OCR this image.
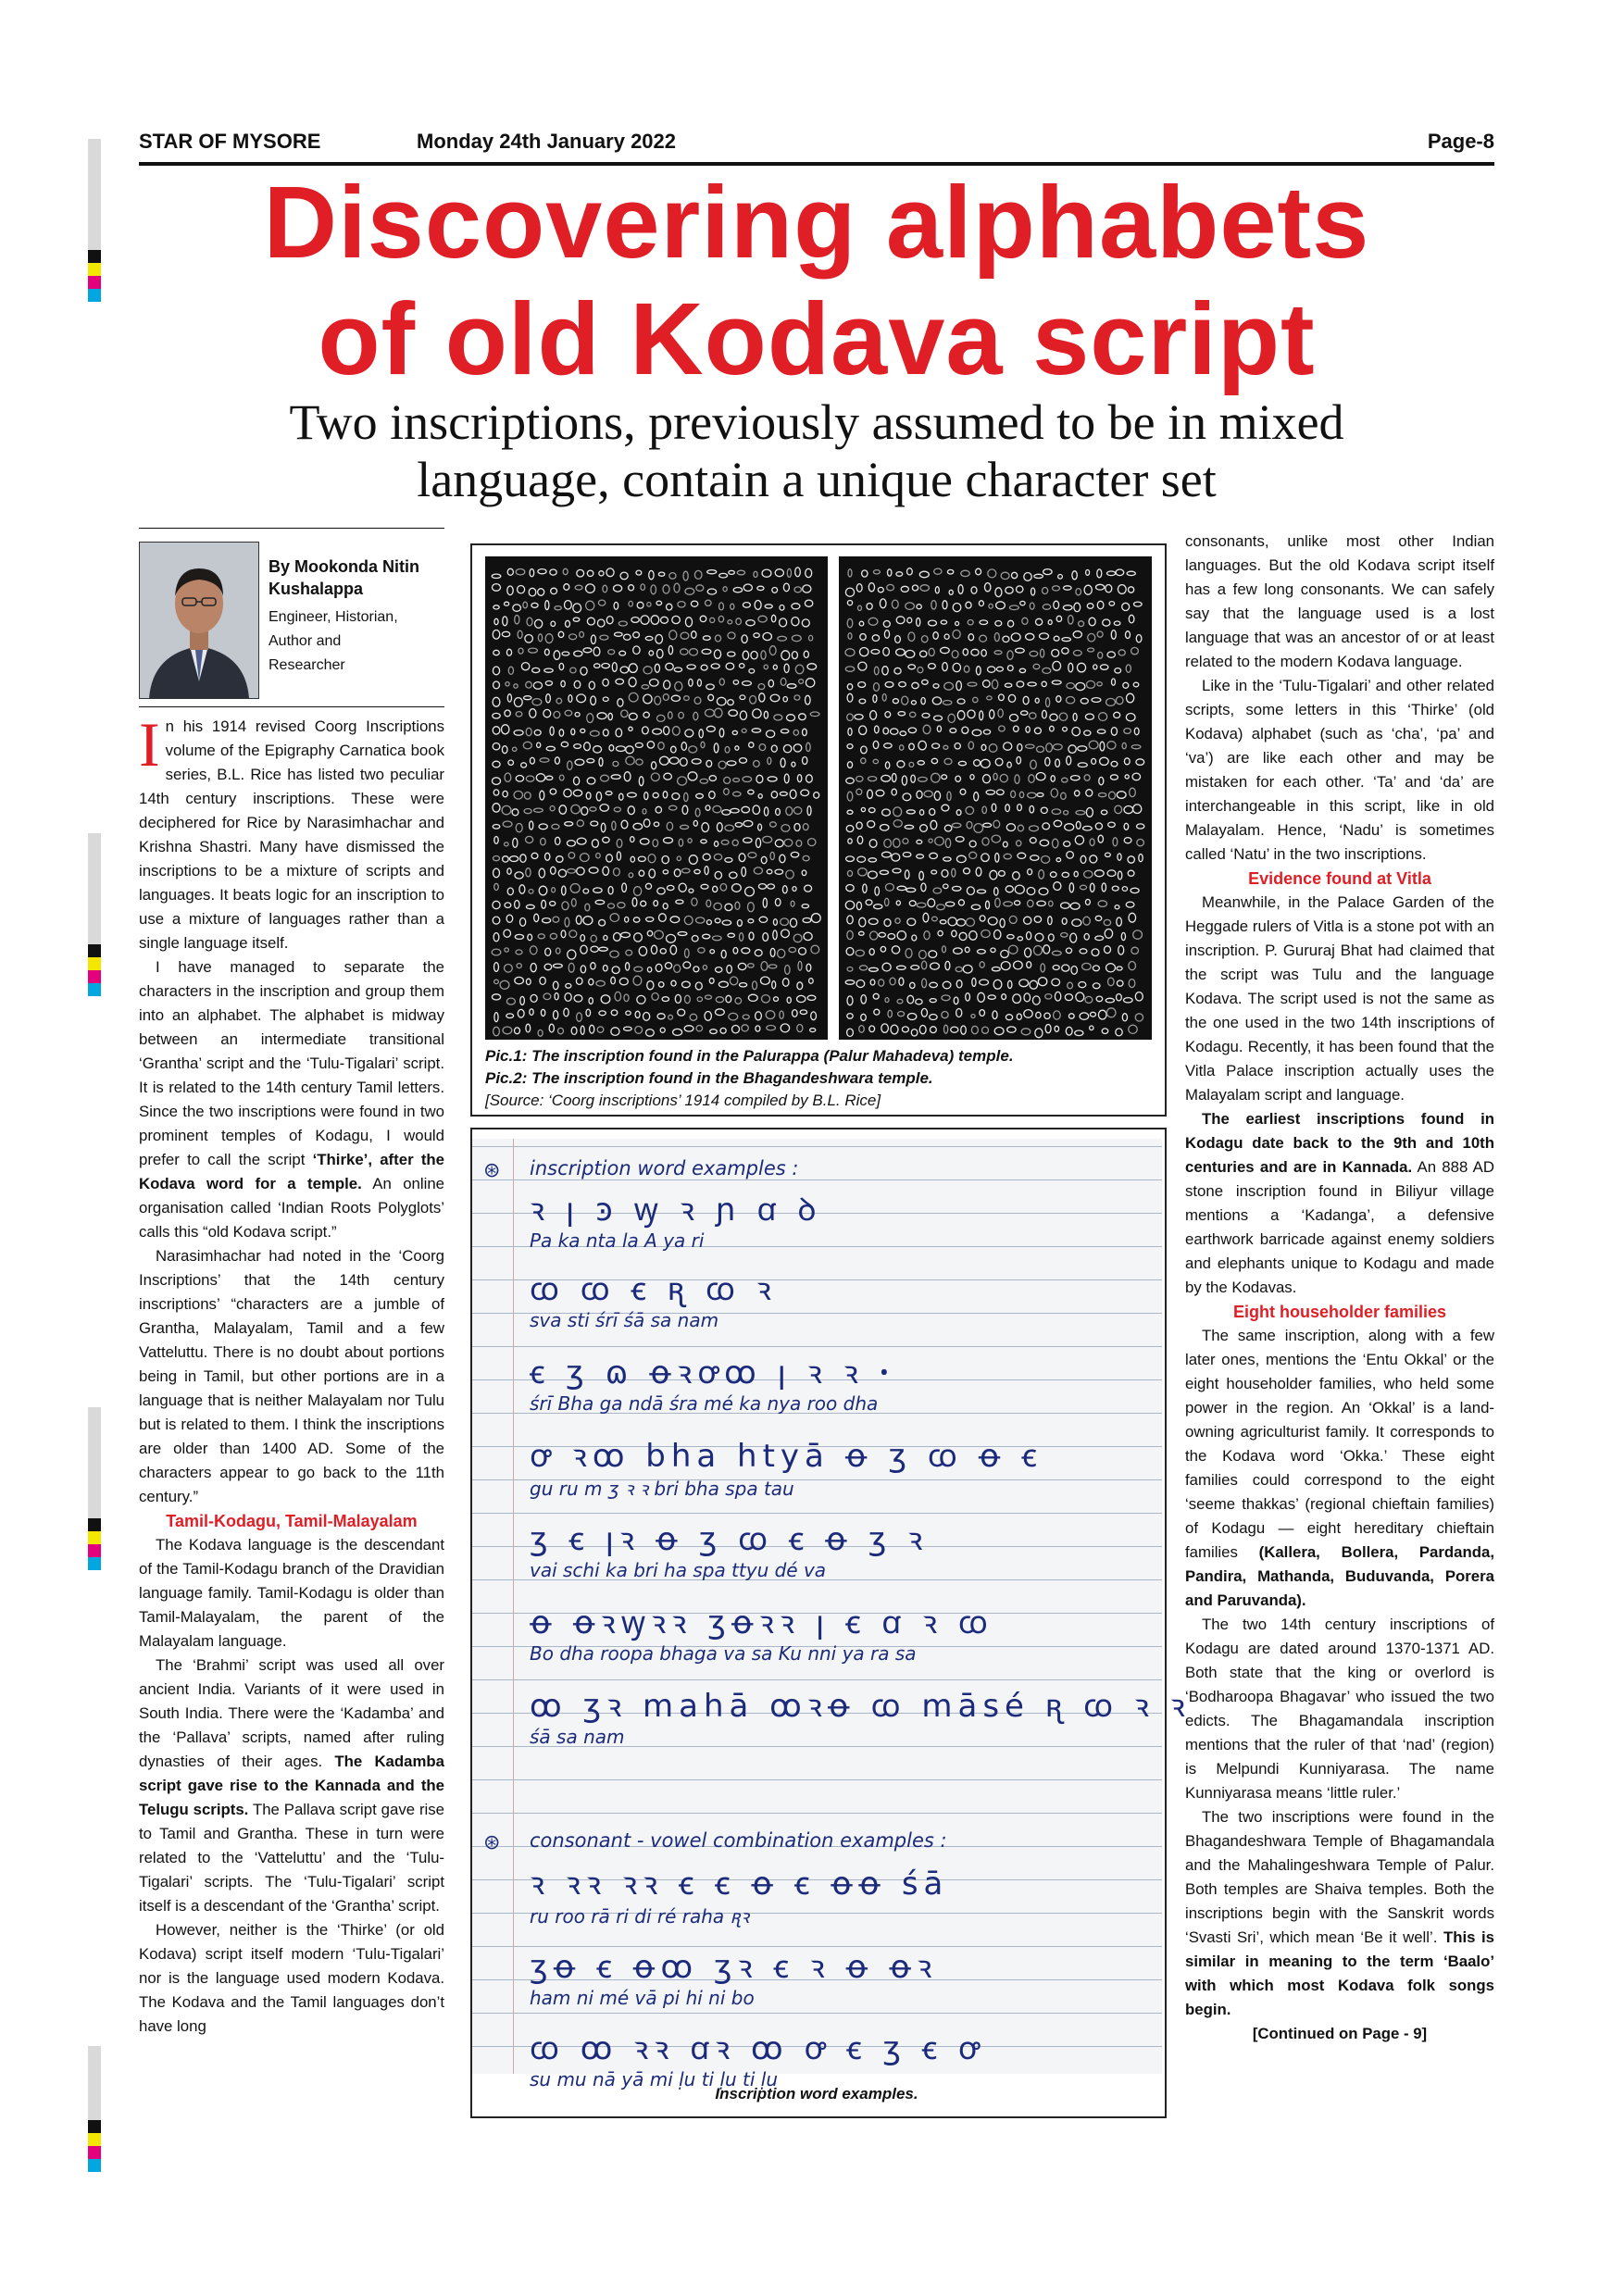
STAR OF MYSORE	Monday 24th January 2022	Page-8
Discovering alphabets
of old Kodava script
Two inscriptions, previously assumed to be in mixed
language, contain a unique character set
By Mookonda Nitin
Kushalappa
Engineer, Historian,
Author and
Researcher

In his 1914 revised Coorg Inscriptions volume of the Epigraphy Carnatica book series, B.L. Rice has listed two peculiar 14th century inscriptions. These were deciphered for Rice by Narasimhachar and Krishna Shastri. Many have dismissed the inscriptions to be a mixture of scripts and languages. It beats logic for an inscription to use a mixture of languages rather than a single language itself.

I have managed to separate the characters in the inscription and group them into an alphabet. The alphabet is midway between an intermediate transitional ‘Grantha’ script and the ‘Tulu-Tigalari’ script. It is related to the 14th century Tamil letters. Since the two inscriptions were found in two prominent temples of Kodagu, I would prefer to call the script ‘Thirke’, after the Kodava word for a temple. An online organisation called ‘Indian Roots Polyglots’ calls this “old Kodava script.”

Narasimhachar had noted in the ‘Coorg Inscriptions’ that the 14th century inscriptions’ “characters are a jumble of Grantha, Malayalam, Tamil and a few Vatteluttu. There is no doubt about portions being in Tamil, but other portions are in a language that is neither Malayalam nor Tulu but is related to them. I think the inscriptions are older than 1400 AD. Some of the characters appear to go back to the 11th century.”

Tamil-Kodagu, Tamil-Malayalam

The Kodava language is the descendant of the Tamil-Kodagu branch of the Dravidian language family. Tamil-Kodagu is older than Tamil-Malayalam, the parent of the Malayalam language.

The ‘Brahmi’ script was used all over ancient India. Variants of it were used in South India. There were the ‘Kadamba’ and the ‘Pallava’ scripts, named after ruling dynasties of their ages. The Kadamba script gave rise to the Kannada and the Telugu scripts. The Pallava script gave rise to Tamil and Grantha. These in turn were related to the ‘Vatteluttu’ and the ‘Tulu-Tigalari’ scripts. The ‘Tulu-Tigalari’ script itself is a descendant of the ‘Grantha’ script.

However, neither is the ‘Thirke’ (or old Kodava) script itself modern ‘Tulu-Tigalari’ nor is the language used modern Kodava. The Kodava and the Tamil languages don’t have long

Pic.1: The inscription found in the Palurappa (Palur Mahadeva) temple.
Pic.2: The inscription found in the Bhagandeshwara temple.
[Source: ‘Coorg inscriptions’ 1914 compiled by B.L. Rice]
⊛ inscription word examples :
⊛ consonant - vowel combination examples :
ꝛ ꞁ ꜿ ꝡ ꝛ ɲ ꭤ ꝺ
Pa ka nta la A ya ri
ꭃ ꭃ ꞓ ꭆ ꭃ ꝛ
sva sti śrī śā sa nam
ꞓ ʒ ɷ ꝋꝛꝍꝏ ꞁ ꝛ ꝛ ꞏ
śrī Bha ga ndā śra mé ka nya roo dha
ꝍ ꝛꝏ bha htyā ꝋ ʒ ꭃ ꝋ ꞓ
gu ru m ʒ ꝛ ꝛ bri bha spa tau
ʒ ꞓ ꞁꝛ ꝋ ʒ ꭃ ꞓ ꝋ ʒ ꝛ
vai schi ka bri ha spa ttyu dé va
ꝋ ꝋꝛꝡꝛꝛ ʒꝋꝛꝛ ꞁ ꞓ ꭤ ꝛ ꭃ
Bo dha roopa bhaga va sa Ku nni ya ra sa
ꝏ ʒꝛ mahā ꝏꝛꝋ ꭃ māsé ꭆ ꭃ ꝛ ꝛ
śā sa nam
ꝛ ꝛꝛ ꝛꝛ ꞓ ꞓ ꝋ ꞓ ꝋꝋ śā
ru roo rā ri di ré raha ꭆꝛ
ʒꝋ ꞓ ꝋꝏ ʒꝛ ꞓ ꝛ ꝋ ꝋꝛ
ham ni mé vā pi hi ni bo
ꭃ ꝏ ꝛꝛ ꭤꝛ ꝏ ꝍ ꞓ ʒ ꞓ ꝍ
su mu nā yā mi ḷu ti ḷu ti ḷu
Inscription word examples.

consonants, unlike most other Indian languages. But the old Kodava script itself has a few long consonants. We can safely say that the language used is a lost language that was an ancestor of or at least related to the modern Kodava language.

Like in the ‘Tulu-Tigalari’ and other related scripts, some letters in this ‘Thirke’ (old Kodava) alphabet (such as ‘cha’, ‘pa’ and ‘va’) are like each other and may be mistaken for each other. ‘Ta’ and ‘da’ are interchangeable in this script, like in old Malayalam. Hence, ‘Nadu’ is sometimes called ‘Natu’ in the two inscriptions.

Evidence found at Vitla

Meanwhile, in the Palace Garden of the Heggade rulers of Vitla is a stone pot with an inscription. P. Gururaj Bhat had claimed that the script was Tulu and the language Kodava. The script used is not the same as the one used in the two 14th inscriptions of Kodagu. Recently, it has been found that the Vitla Palace inscription actually uses the Malayalam script and language.

The earliest inscriptions found in Kodagu date back to the 9th and 10th centuries and are in Kannada. An 888 AD stone inscription found in Biliyur village mentions a ‘Kadanga’, a defensive earthwork barricade against enemy soldiers and elephants unique to Kodagu and made by the Kodavas.

Eight householder families

The same inscription, along with a few later ones, mentions the ‘Entu Okkal’ or the eight householder families, who held some power in the region. An ‘Okkal’ is a land-owning agriculturist family. It corresponds to the Kodava word ‘Okka.’ These eight families could correspond to the eight ‘seeme thakkas’ (regional chieftain families) of Kodagu — eight hereditary chieftain families (Kallera, Bollera, Pardanda, Pandira, Mathanda, Buduvanda, Porera and Paruvanda).

The two 14th century inscriptions of Kodagu are dated around 1370-1371 AD. Both state that the king or overlord is ‘Bodharoopa Bhagavar’ who issued the two edicts. The Bhagamandala inscription mentions that the ruler of that ‘nad’ (region) is Melpundi Kunniyarasa. The name Kunniyarasa means ‘little ruler.’

The two inscriptions were found in the Bhagandeshwara Temple of Bhagamandala and the Mahalingeshwara Temple of Palur. Both temples are Shaiva temples. Both the inscriptions begin with the Sanskrit words ‘Svasti Sri’, which mean ‘Be it well’. This is similar in meaning to the term ‘Baalo’ with which most Kodava folk songs begin.

[Continued on Page - 9]
